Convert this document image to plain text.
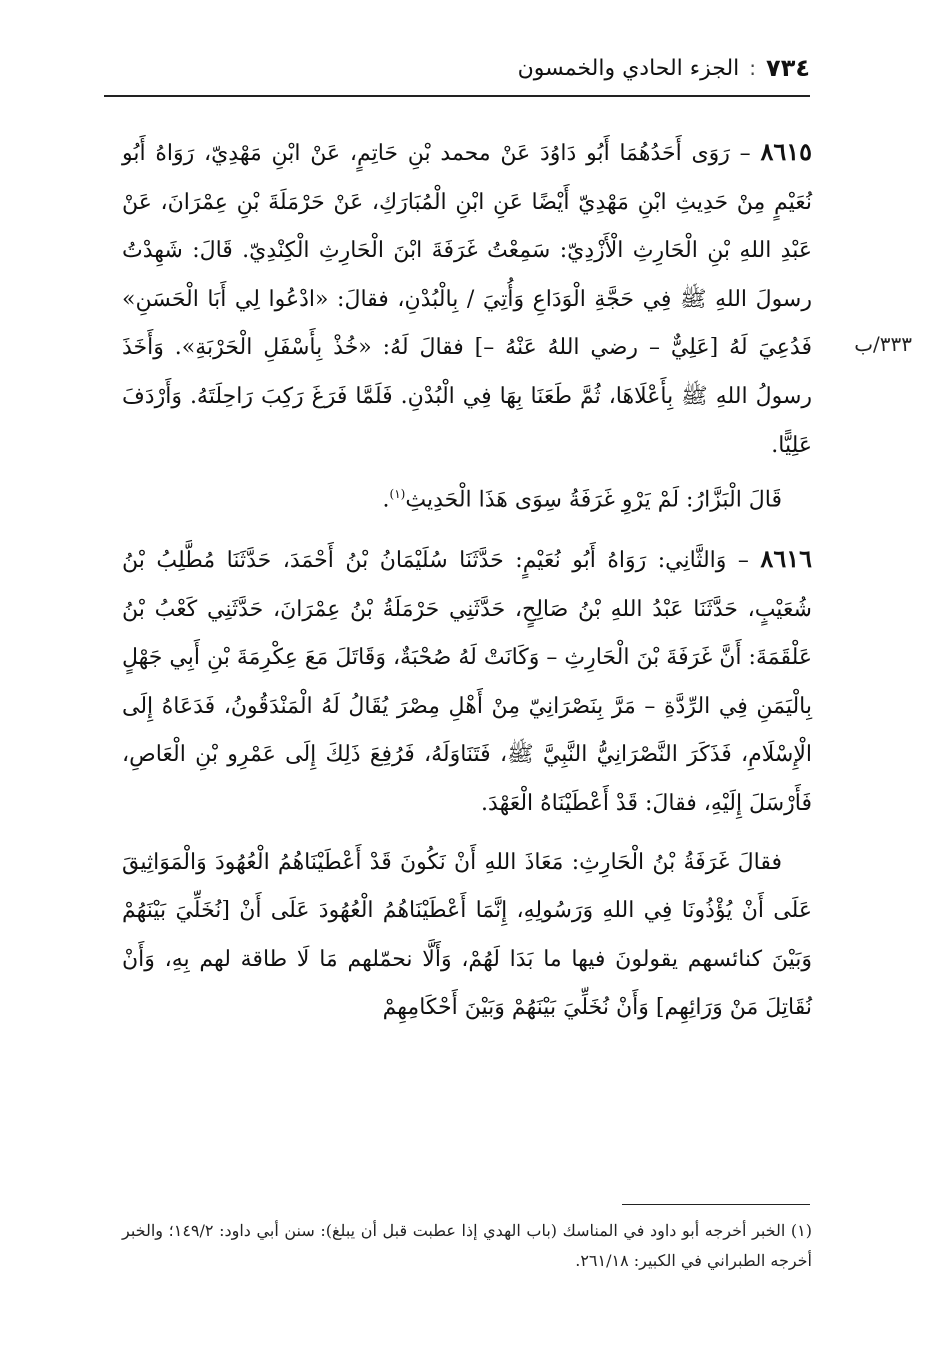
٧٣٤
:
الجزء الحادي والخمسون
٣٣٣/ب

٨٦١٥ – رَوَى أَحَدُهُمَا أَبُو دَاوُدَ عَنْ محمد بْنِ حَاتِمٍ، عَنْ ابْنِ مَهْدِيّ، رَوَاهُ أَبُو نُعَيْمٍ مِنْ حَدِيثِ ابْنِ مَهْدِيّ أَيْضًا عَنِ ابْنِ الْمُبَارَكِ، عَنْ حَرْمَلَةَ بْنِ عِمْرَانَ، عَنْ عَبْدِ اللهِ بْنِ الْحَارِثِ الْأَزْدِيّ: سَمِعْتُ غَرَفَةَ ابْنَ الْحَارِثِ الْكِنْدِيّ. قَالَ: شَهِدْتُ رسولَ اللهِ ﷺ فِي حَجَّةِ الْوَدَاعِ وَأُتِيَ / بِالْبُدْنِ، فقالَ: «ادْعُوا لِي أَبَا الْحَسَنِ» فَدُعِيَ لَهُ [عَلِيٌّ – رضي اللهُ عَنْهُ –] فقالَ لَهُ: «خُذْ بِأَسْفَلِ الْحَرْبَةِ». وَأَخَذَ رسولُ اللهِ ﷺ بِأَعْلَاهَا، ثُمَّ طَعَنَا بِهَا فِي الْبُدْنِ. فَلَمَّا فَرَغَ رَكِبَ رَاحِلَتَهُ. وَأَرْدَفَ عَلِيًّا.

قَالَ الْبَزَّارُ: لَمْ يَرْوِ غَرَفَةُ سِوَى هَذَا الْحَدِيثِ$^{(١)}$.

٨٦١٦ – وَالثَّانِي: رَوَاهُ أَبُو نُعَيْمٍ: حَدَّثَنَا سُلَيْمَانُ بْنُ أَحْمَدَ، حَدَّثَنَا مُطَّلِبُ بْنُ شُعَيْبٍ، حَدَّثَنَا عَبْدُ اللهِ بْنُ صَالِحٍ، حَدَّثَنِي حَرْمَلَةُ بْنُ عِمْرَانَ، حَدَّثَنِي كَعْبُ بْنُ عَلْقَمَةَ: أَنَّ غَرَفَةَ بْنَ الْحَارِثِ – وَكَانَتْ لَهُ صُحْبَةٌ، وَقَاتَلَ مَعَ عِكْرِمَةَ بْنِ أَبِي جَهْلٍ بِالْيَمَنِ فِي الرِّدَّةِ – مَرَّ بِنَصْرَانِيّ مِنْ أَهْلِ مِصْرَ يُقَالُ لَهُ الْمَنْدَقُونُ، فَدَعَاهُ إِلَى الْإِسْلَامِ، فَذَكَرَ النَّصْرَانِيُّ النَّبِيَّ ﷺ، فَتَنَاوَلَهُ، فَرُفِعَ ذَلِكَ إِلَى عَمْرِو بْنِ الْعَاصِ، فَأَرْسَلَ إِلَيْهِ، فقالَ: قَدْ أَعْطَيْنَاهُ الْعَهْدَ.

فقالَ غَرَفَةُ بْنُ الْحَارِثِ: مَعَاذَ اللهِ أَنْ نَكُونَ قَدْ أَعْطَيْنَاهُمُ الْعُهُودَ وَالْمَوَاثِيقَ عَلَى أَنْ يُؤْذُونَا فِي اللهِ وَرَسُولِهِ، إِنَّمَا أَعْطَيْنَاهُمُ الْعُهُودَ عَلَى أَنْ [نُخَلِّيَ بَيْنَهُمْ وَبَيْنَ كنائسهم يقولونَ فيها ما بَدَا لَهُمْ، وَأَلَّا نحمّلهم مَا لَا طاقة لهم بِهِ، وَأَنْ نُقَاتِلَ مَنْ وَرَائِهِم] وَأَنْ نُخَلِّيَ بَيْنَهُمْ وَبَيْنَ أَحْكَامِهِمْ

(١) الخبر أخرجه أبو داود في المناسك (باب الهدي إذا عطبت قبل أن يبلغ): سنن أبي داود: ١٤٩/٢؛ والخبر أخرجه الطبراني في الكبير: ٢٦١/١٨.
